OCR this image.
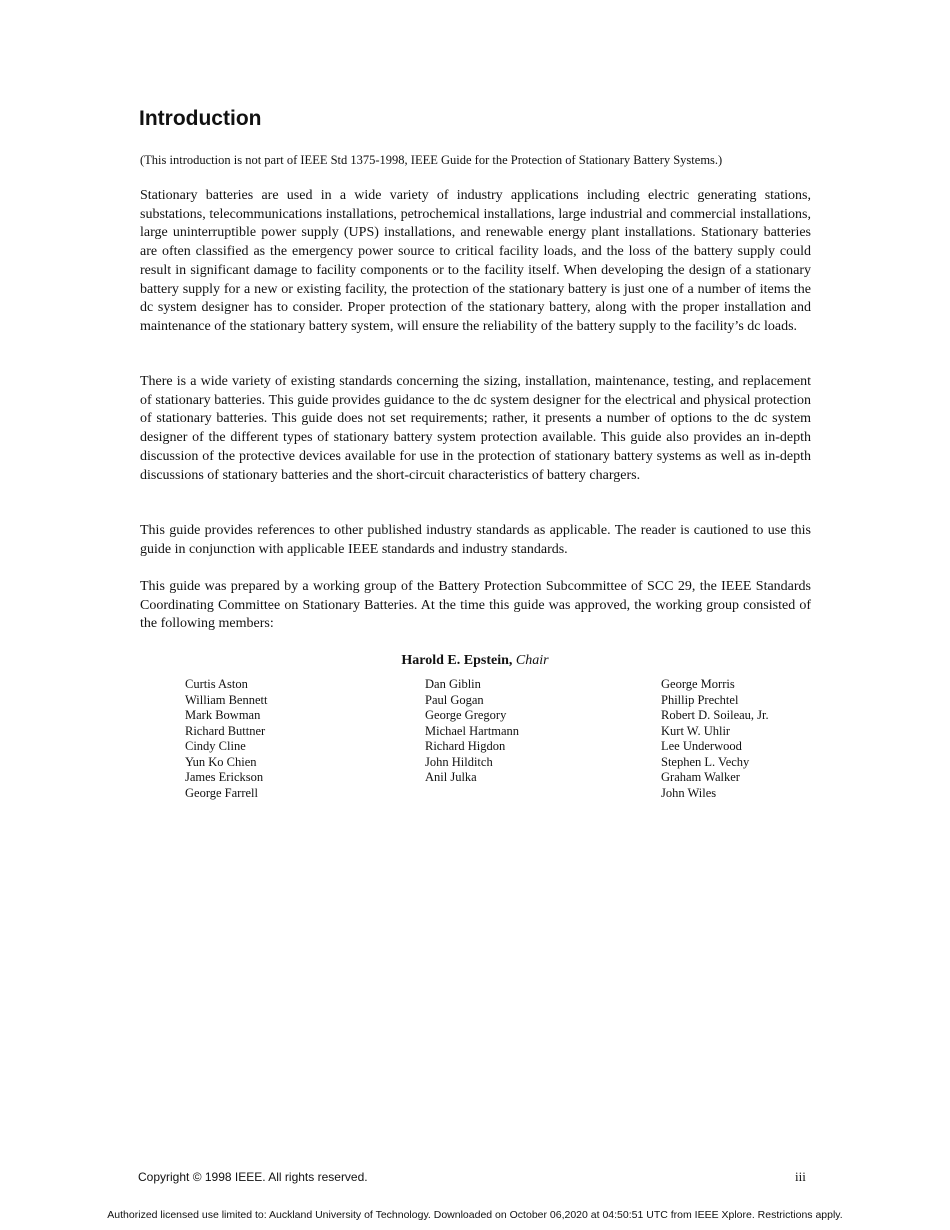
Introduction

(This introduction is not part of IEEE Std 1375-1998, IEEE Guide for the Protection of Stationary Battery Systems.)

Stationary batteries are used in a wide variety of industry applications including electric generating stations, substations, telecommunications installations, petrochemical installations, large industrial and commercial installations, large uninterruptible power supply (UPS) installations, and renewable energy plant installations. Stationary batteries are often classified as the emergency power source to critical facility loads, and the loss of the battery supply could result in significant damage to facility components or to the facility itself. When developing the design of a stationary battery supply for a new or existing facility, the protection of the stationary battery is just one of a number of items the dc system designer has to consider. Proper protection of the stationary battery, along with the proper installation and maintenance of the stationary battery system, will ensure the reliability of the battery supply to the facility’s dc loads.

There is a wide variety of existing standards concerning the sizing, installation, maintenance, testing, and replacement of stationary batteries. This guide provides guidance to the dc system designer for the electrical and physical protection of stationary batteries. This guide does not set requirements; rather, it presents a number of options to the dc system designer of the different types of stationary battery system protection available. This guide also provides an in-depth discussion of the protective devices available for use in the protection of stationary battery systems as well as in-depth discussions of stationary batteries and the short-circuit characteristics of battery chargers.

This guide provides references to other published industry standards as applicable. The reader is cautioned to use this guide in conjunction with applicable IEEE standards and industry standards.

This guide was prepared by a working group of the Battery Protection Subcommittee of SCC 29, the IEEE Standards Coordinating Committee on Stationary Batteries. At the time this guide was approved, the working group consisted of the following members:

Harold E. Epstein, Chair
Curtis Aston
William Bennett
Mark Bowman
Richard Buttner
Cindy Cline
Yun Ko Chien
James Erickson
George Farrell
Dan Giblin
Paul Gogan
George Gregory
Michael Hartmann
Richard Higdon
John Hilditch
Anil Julka
George Morris
Phillip Prechtel
Robert D. Soileau, Jr.
Kurt W. Uhlir
Lee Underwood
Stephen L. Vechy
Graham Walker
John Wiles
Copyright © 1998 IEEE. All rights reserved.	iii
Authorized licensed use limited to: Auckland University of Technology. Downloaded on October 06,2020 at 04:50:51 UTC from IEEE Xplore. Restrictions apply.
